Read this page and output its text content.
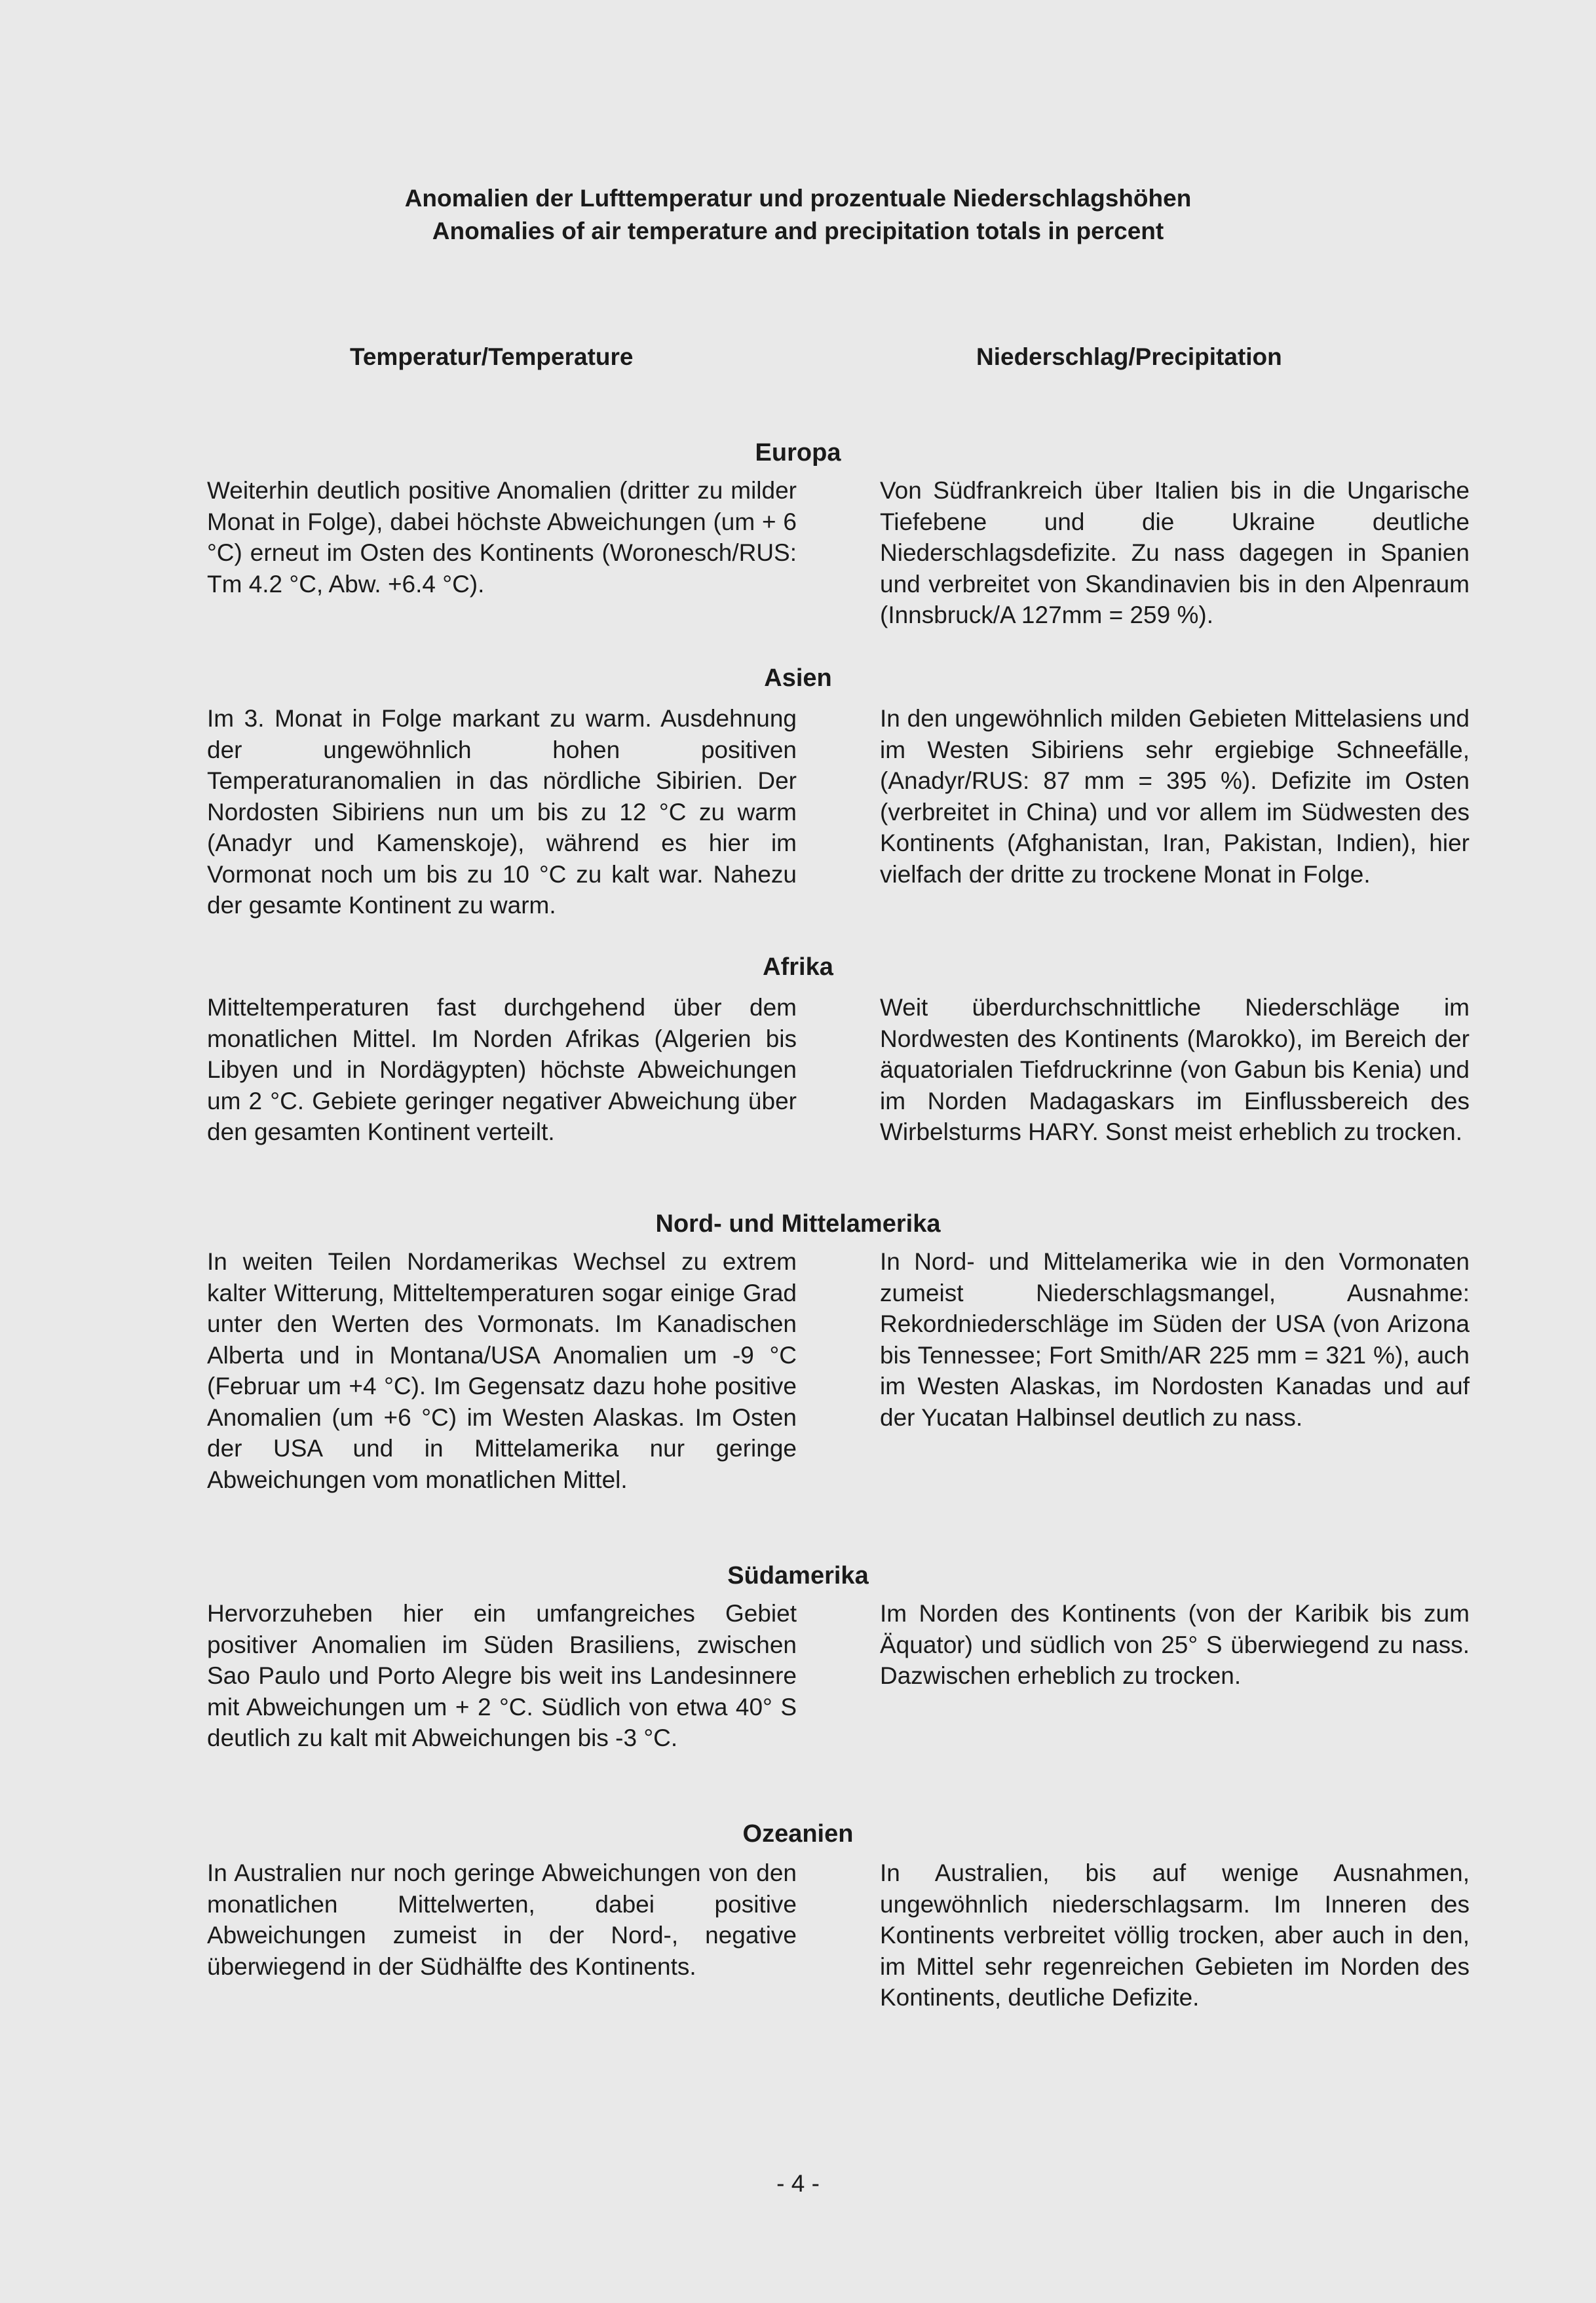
Anomalien der Lufttemperatur und prozentuale Niederschlagshöhen
Anomalies of air temperature and precipitation totals in percent
Temperatur/Temperature	Niederschlag/Precipitation
Europa
Weiterhin deutlich positive Anomalien (dritter zu milder Monat in Folge), dabei höchste Abweichungen (um + 6 °C) erneut im Osten des Kontinents (Woronesch/RUS: Tm 4.2 °C, Abw. +6.4 °C).
Von Südfrankreich über Italien bis in die Ungarische Tiefebene und die Ukraine deutliche Niederschlagsdefizite. Zu nass dagegen in Spanien und verbreitet von Skandinavien bis in den Alpenraum (Innsbruck/A 127mm = 259 %).
Asien
Im 3. Monat in Folge markant zu warm. Ausdehnung der ungewöhnlich hohen positiven Temperaturanomalien in das nördliche Sibirien. Der Nordosten Sibiriens nun um bis zu 12 °C zu warm (Anadyr und Kamenskoje), während es hier im Vormonat noch um bis zu 10 °C zu kalt war. Nahezu der gesamte Kontinent zu warm.
In den ungewöhnlich milden Gebieten Mittelasiens und im Westen Sibiriens sehr ergiebige Schneefälle, (Anadyr/RUS: 87 mm = 395 %). Defizite im Osten (verbreitet in China) und vor allem im Südwesten des Kontinents (Afghanistan, Iran, Pakistan, Indien), hier vielfach der dritte zu trockene Monat in Folge.
Afrika
Mitteltemperaturen fast durchgehend über dem monatlichen Mittel. Im Norden Afrikas (Algerien bis Libyen und in Nordägypten) höchste Abweichungen um 2 °C. Gebiete geringer negativer Abweichung über den gesamten Kontinent verteilt.
Weit überdurchschnittliche Niederschläge im Nordwesten des Kontinents (Marokko), im Bereich der äquatorialen Tiefdruckrinne (von Gabun bis Kenia) und im Norden Madagaskars im Einflussbereich des Wirbelsturms HARY. Sonst meist erheblich zu trocken.
Nord- und Mittelamerika
In weiten Teilen Nordamerikas Wechsel zu extrem kalter Witterung, Mitteltemperaturen sogar einige Grad unter den Werten des Vormonats. Im Kanadischen Alberta und in Montana/USA Anomalien um -9 °C (Februar um +4 °C). Im Gegensatz dazu hohe positive Anomalien (um +6 °C) im Westen Alaskas. Im Osten der USA und in Mittelamerika nur geringe Abweichungen vom monatlichen Mittel.
In Nord- und Mittelamerika wie in den Vormonaten zumeist Niederschlagsmangel, Ausnahme: Rekordniederschläge im Süden der USA (von Arizona bis Tennessee; Fort Smith/AR 225 mm = 321 %), auch im Westen Alaskas, im Nordosten Kanadas und auf der Yucatan Halbinsel deutlich zu nass.
Südamerika
Hervorzuheben hier ein umfangreiches Gebiet positiver Anomalien im Süden Brasiliens, zwischen Sao Paulo und Porto Alegre bis weit ins Landesinnere mit Abweichungen um + 2 °C. Südlich von etwa 40° S deutlich zu kalt mit Abweichungen bis -3 °C.
Im Norden des Kontinents (von der Karibik bis zum Äquator) und südlich von 25° S überwiegend zu nass. Dazwischen erheblich zu trocken.
Ozeanien
In Australien nur noch geringe Abweichungen von den monatlichen Mittelwerten, dabei positive Abweichungen zumeist in der Nord-, negative überwiegend in der Südhälfte des Kontinents.
In Australien, bis auf wenige Ausnahmen, ungewöhnlich niederschlagsarm. Im Inneren des Kontinents verbreitet völlig trocken, aber auch in den, im Mittel sehr regenreichen Gebieten im Norden des Kontinents, deutliche Defizite.
- 4 -
